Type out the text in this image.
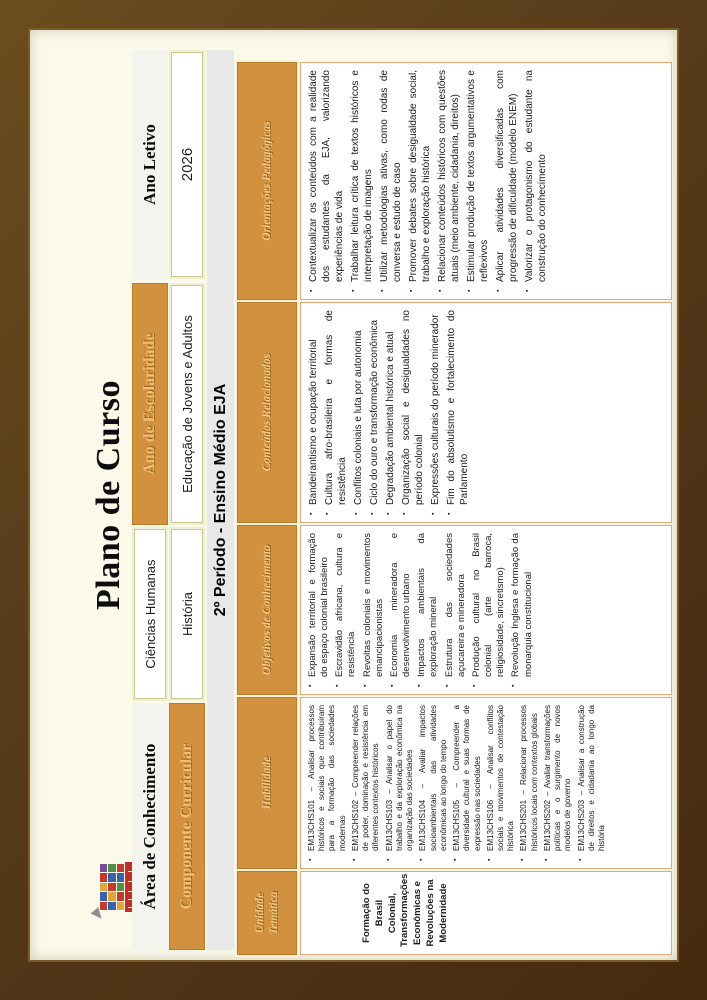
Plano de Curso
Área de Conhecimento
Ciências Humanas
Ano de Escolaridade
Ano Letivo
Componente Curricular
História
Educação de Jovens e Adultos
2026
2º Período - Ensino Médio EJA
Unidade Temática
Habilidade
Objetivos de Conhecimento
Conteúdos Relacionados
Orientações Pedagógicas
Formação do Brasil Colonial, Transformações Econômicas e Revoluções na Modernidade
▪ EM13CHS101 – Analisar processos históricos e sociais que contribuíram para a formação das sociedades modernas ▪ EM13CHS102 – Compreender relações de poder, dominação e resistência em diferentes contextos históricos ▪ EM13CHS103 – Analisar o papel do trabalho e da exploração econômica na organização das sociedades ▪ EM13CHS104 – Avaliar impactos socioambientais das atividades econômicas ao longo do tempo ▪ EM13CHS105 – Compreender a diversidade cultural e suas formas de expressão nas sociedades ▪ EM13CHS106 – Analisar conflitos sociais e movimentos de contestação histórica ▪ EM13CHS201 – Relacionar processos históricos locais com contextos globais ▪ EM13CHS202 – Avaliar transformações políticas e o surgimento de novos modelos de governo ▪ EM13CHS203 – Analisar a construção de direitos e cidadania ao longo da história
▪ Expansão territorial e formação do espaço colonial brasileiro ▪ Escravidão africana, cultura e resistência ▪ Revoltas coloniais e movimentos emancipacionistas ▪ Economia mineradora e desenvolvimento urbano ▪ Impactos ambientais da exploração mineral ▪ Estrutura das sociedades açucareira e mineradora ▪ Produção cultural no Brasil colonial (arte barroca, religiosidade, sincretismo) ▪ Revolução Inglesa e formação da monarquia constitucional
▪ Bandeirantismo e ocupação territorial ▪ Cultura afro-brasileira e formas de resistência ▪ Conflitos coloniais e luta por autonomia ▪ Ciclo do ouro e transformação econômica ▪ Degradação ambiental histórica e atual ▪ Organização social e desigualdades no período colonial ▪ Expressões culturais do período minerador ▪ Fim do absolutismo e fortalecimento do Parlamento
▪ Contextualizar os conteúdos com a realidade dos estudantes da EJA, valorizando experiências de vida ▪ Trabalhar leitura crítica de textos históricos e interpretação de imagens ▪ Utilizar metodologias ativas, como rodas de conversa e estudo de caso ▪ Promover debates sobre desigualdade social, trabalho e exploração histórica ▪ Relacionar conteúdos históricos com questões atuais (meio ambiente, cidadania, direitos) ▪ Estimular produção de textos argumentativos e reflexivos ▪ Aplicar atividades diversificadas com progressão de dificuldade (modelo ENEM) ▪ Valorizar o protagonismo do estudante na construção do conhecimento
